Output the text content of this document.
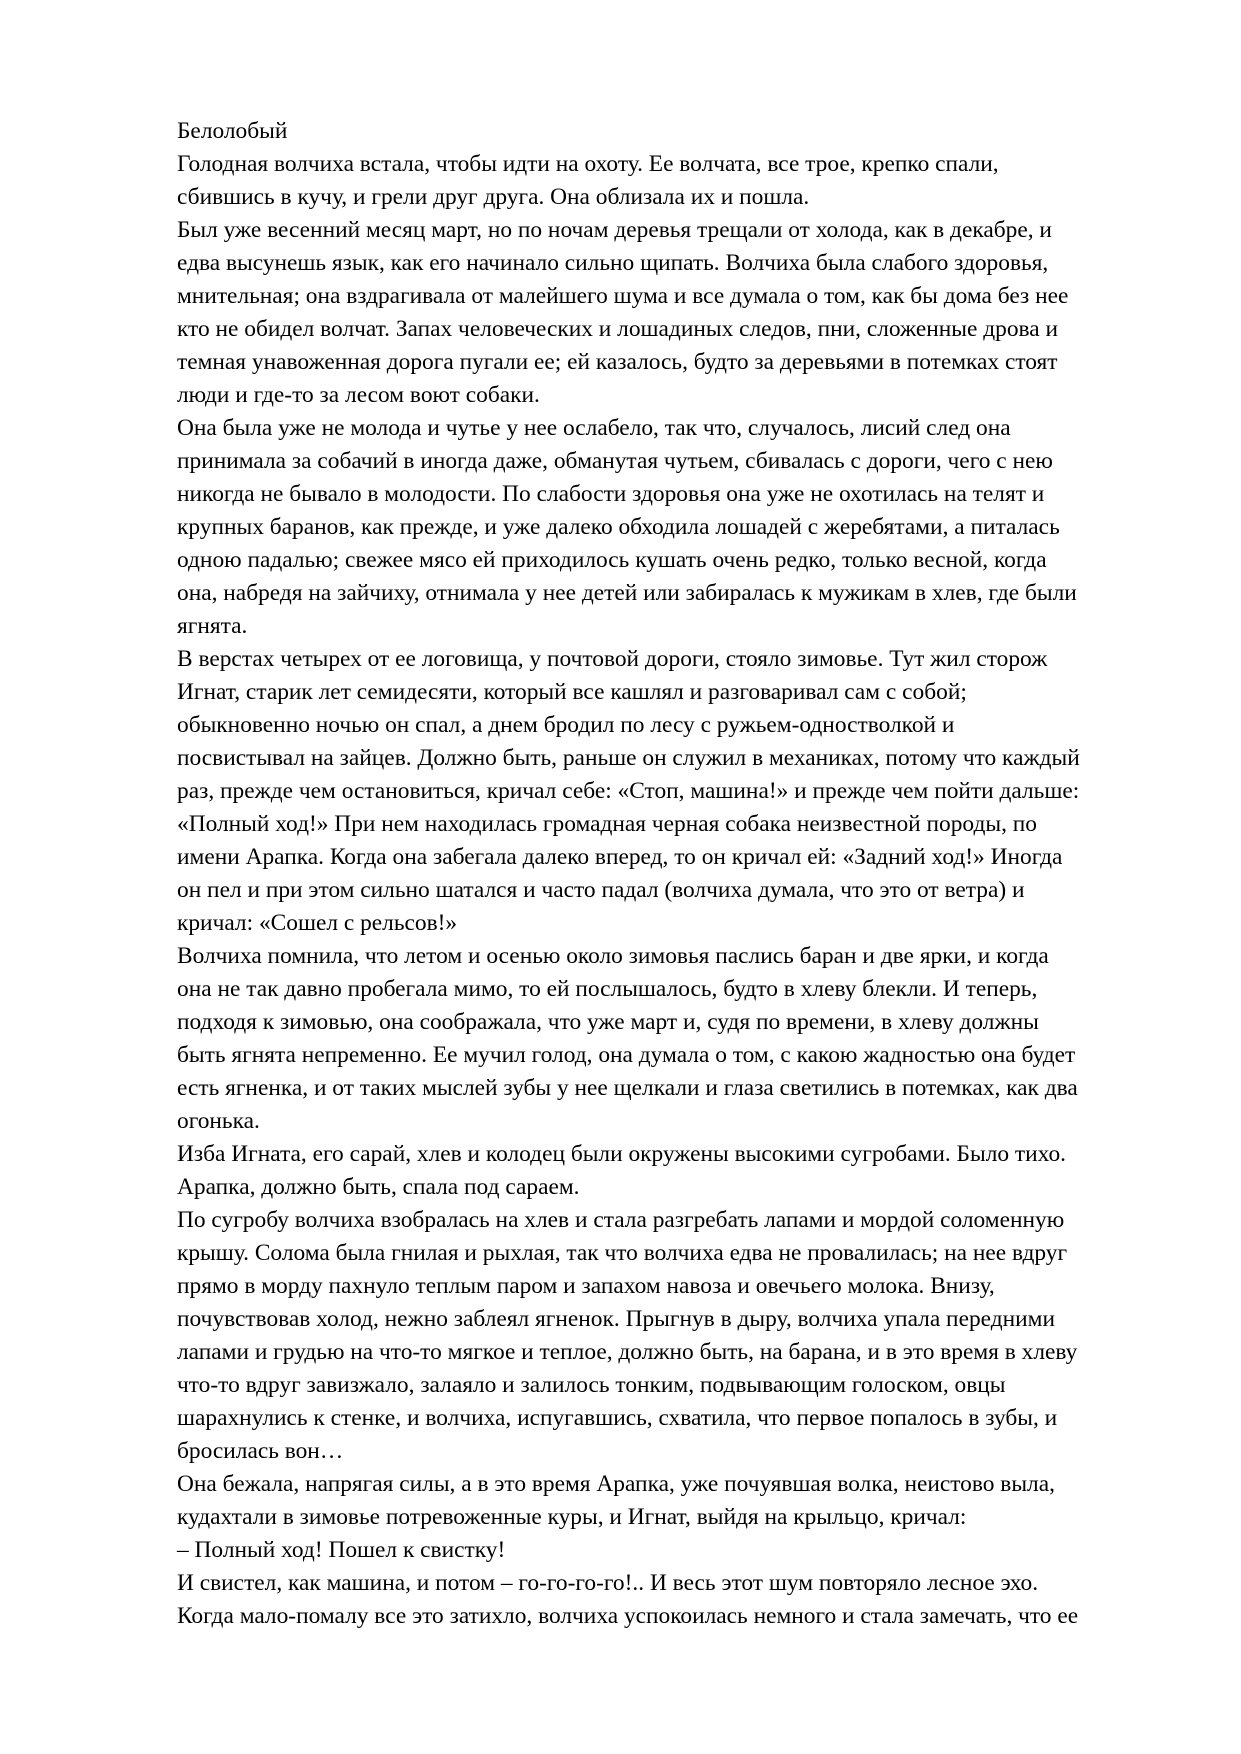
Белолобый

Голодная волчиха встала, чтобы идти на охоту. Ее волчата, все трое, крепко спали,
сбившись в кучу, и грели друг друга. Она облизала их и пошла.

Был уже весенний месяц март, но по ночам деревья трещали от холода, как в декабре, и
едва высунешь язык, как его начинало сильно щипать. Волчиха была слабого здоровья,
мнительная; она вздрагивала от малейшего шума и все думала о том, как бы дома без нее
кто не обидел волчат. Запах человеческих и лошадиных следов, пни, сложенные дрова и
темная унавоженная дорога пугали ее; ей казалось, будто за деревьями в потемках стоят
люди и где-то за лесом воют собаки.

Она была уже не молода и чутье у нее ослабело, так что, случалось, лисий след она
принимала за собачий в иногда даже, обманутая чутьем, сбивалась с дороги, чего с нею
никогда не бывало в молодости. По слабости здоровья она уже не охотилась на телят и
крупных баранов, как прежде, и уже далеко обходила лошадей с жеребятами, а питалась
одною падалью; свежее мясо ей приходилось кушать очень редко, только весной, когда
она, набредя на зайчиху, отнимала у нее детей или забиралась к мужикам в хлев, где были
ягнята.

В верстах четырех от ее логовища, у почтовой дороги, стояло зимовье. Тут жил сторож
Игнат, старик лет семидесяти, который все кашлял и разговаривал сам с собой;
обыкновенно ночью он спал, а днем бродил по лесу с ружьем-одностволкой и
посвистывал на зайцев. Должно быть, раньше он служил в механиках, потому что каждый
раз, прежде чем остановиться, кричал себе: «Стоп, машина!» и прежде чем пойти дальше:
«Полный ход!» При нем находилась громадная черная собака неизвестной породы, по
имени Арапка. Когда она забегала далеко вперед, то он кричал ей: «Задний ход!» Иногда
он пел и при этом сильно шатался и часто падал (волчиха думала, что это от ветра) и
кричал: «Сошел с рельсов!»

Волчиха помнила, что летом и осенью около зимовья паслись баран и две ярки, и когда
она не так давно пробегала мимо, то ей послышалось, будто в хлеву блекли. И теперь,
подходя к зимовью, она соображала, что уже март и, судя по времени, в хлеву должны
быть ягнята непременно. Ее мучил голод, она думала о том, с какою жадностью она будет
есть ягненка, и от таких мыслей зубы у нее щелкали и глаза светились в потемках, как два
огонька.

Изба Игната, его сарай, хлев и колодец были окружены высокими сугробами. Было тихо.
Арапка, должно быть, спала под сараем.

По сугробу волчиха взобралась на хлев и стала разгребать лапами и мордой соломенную
крышу. Солома была гнилая и рыхлая, так что волчиха едва не провалилась; на нее вдруг
прямо в морду пахнуло теплым паром и запахом навоза и овечьего молока. Внизу,
почувствовав холод, нежно заблеял ягненок. Прыгнув в дыру, волчиха упала передними
лапами и грудью на что-то мягкое и теплое, должно быть, на барана, и в это время в хлеву
что-то вдруг завизжало, залаяло и залилось тонким, подвывающим голоском, овцы
шарахнулись к стенке, и волчиха, испугавшись, схватила, что первое попалось в зубы, и
бросилась вон…

Она бежала, напрягая силы, а в это время Арапка, уже почуявшая волка, неистово выла,
кудахтали в зимовье потревоженные куры, и Игнат, выйдя на крыльцо, кричал:

– Полный ход! Пошел к свистку!

И свистел, как машина, и потом – го-го-го-го!.. И весь этот шум повторяло лесное эхо.

Когда мало-помалу все это затихло, волчиха успокоилась немного и стала замечать, что ее
